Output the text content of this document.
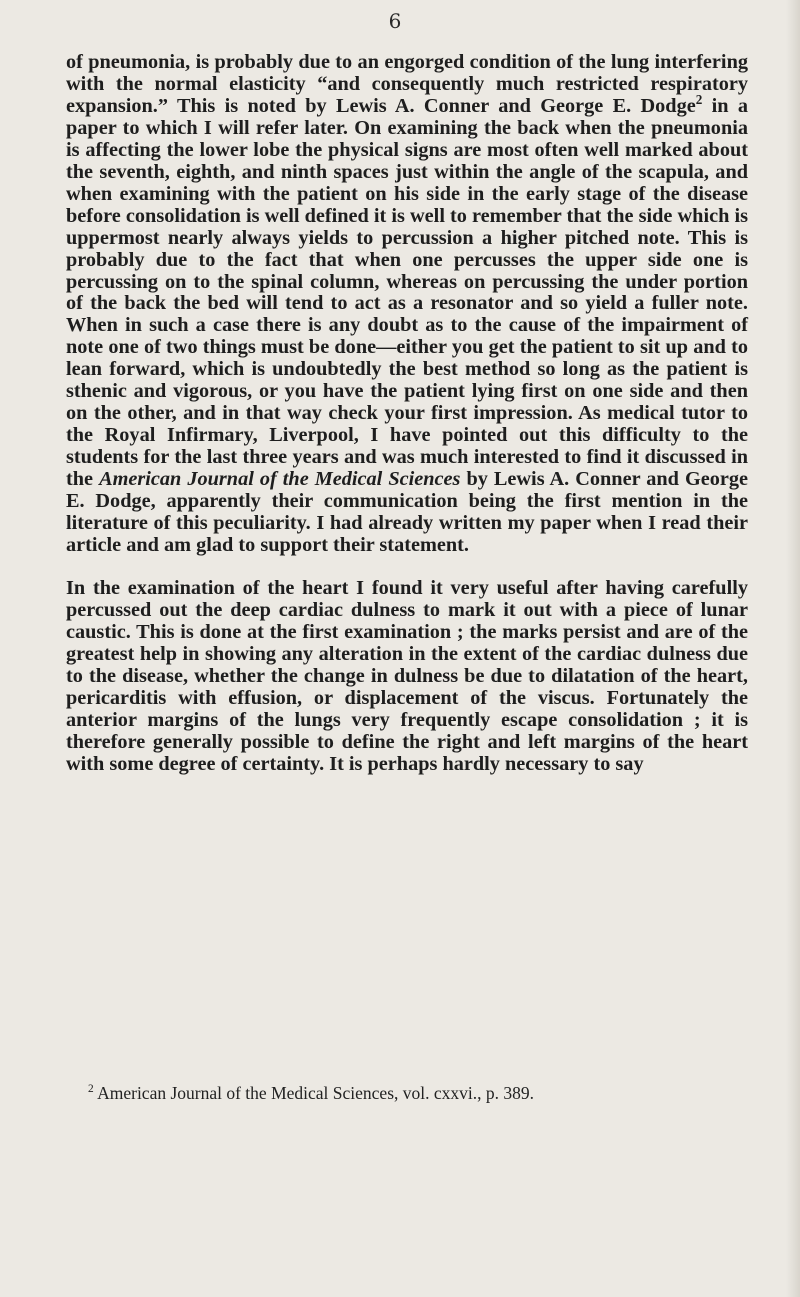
6

of pneumonia, is probably due to an engorged condition of the lung interfering with the normal elasticity “and consequently much restricted respiratory expansion.” This is noted by Lewis A. Conner and George E. Dodge$^2$ in a paper to which I will refer later. On examining the back when the pneumonia is affecting the lower lobe the physical signs are most often well marked about the seventh, eighth, and ninth spaces just within the angle of the scapula, and when examining with the patient on his side in the early stage of the disease before consolidation is well defined it is well to remember that the side which is uppermost nearly always yields to percussion a higher pitched note. This is probably due to the fact that when one percusses the upper side one is percussing on to the spinal column, whereas on percussing the under portion of the back the bed will tend to act as a resonator and so yield a fuller note. When in such a case there is any doubt as to the cause of the impairment of note one of two things must be done—either you get the patient to sit up and to lean forward, which is undoubtedly the best method so long as the patient is sthenic and vigorous, or you have the patient lying first on one side and then on the other, and in that way check your first impression. As medical tutor to the Royal Infirmary, Liverpool, I have pointed out this difficulty to the students for the last three years and was much interested to find it discussed in the American Journal of the Medical Sciences by Lewis A. Conner and George E. Dodge, apparently their communication being the first mention in the literature of this peculiarity. I had already written my paper when I read their article and am glad to support their statement.

In the examination of the heart I found it very useful after having carefully percussed out the deep cardiac dulness to mark it out with a piece of lunar caustic. This is done at the first examination ; the marks persist and are of the greatest help in showing any alteration in the extent of the cardiac dulness due to the disease, whether the change in dulness be due to dilatation of the heart, pericarditis with effusion, or displacement of the viscus. Fortunately the anterior margins of the lungs very frequently escape consolidation ; it is therefore generally possible to define the right and left margins of the heart with some degree of certainty. It is perhaps hardly necessary to say

$^2$ American Journal of the Medical Sciences, vol. cxxvi., p. 389.
